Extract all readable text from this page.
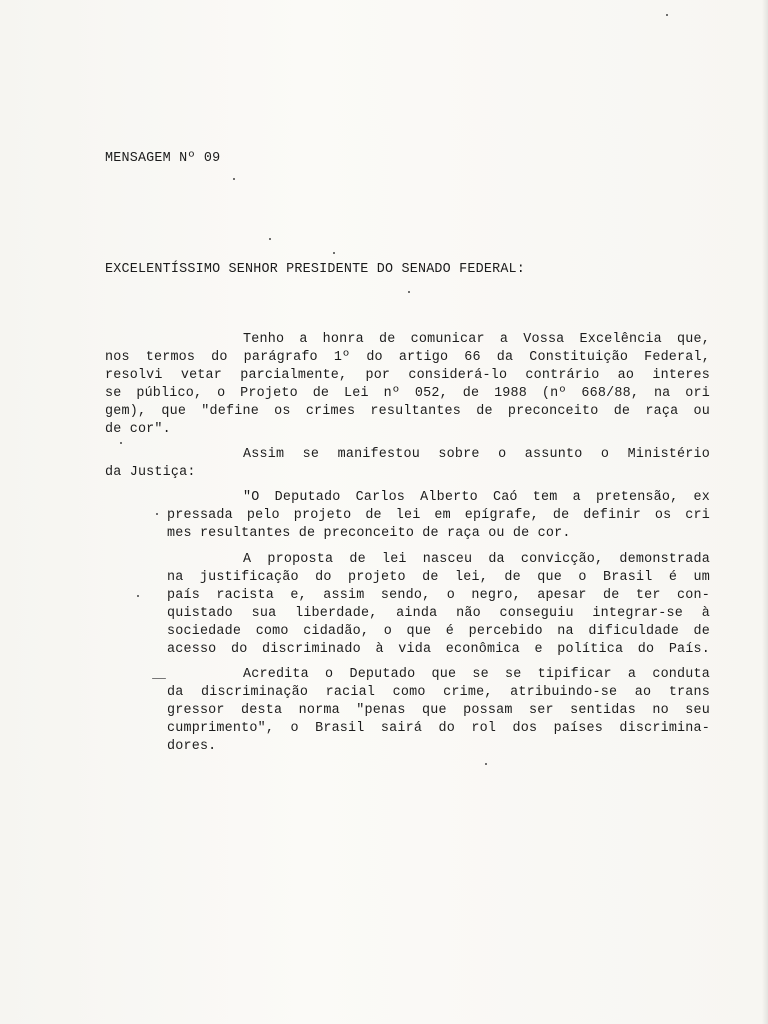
MENSAGEM Nº 09
EXCELENTÍSSIMO SENHOR PRESIDENTE DO SENADO FEDERAL:
Tenho a honra de comunicar a Vossa Excelência que,
nos termos do parágrafo 1º do artigo 66 da Constituição Federal,
resolvi vetar parcialmente, por considerá-lo contrário ao interes
se público, o Projeto de Lei nº 052, de 1988 (nº 668/88, na ori
gem), que "define os crimes resultantes de preconceito de raça ou
de cor".
Assim se manifestou sobre o assunto o Ministério
da Justiça:
"O Deputado Carlos Alberto Caó tem a pretensão, ex
pressada pelo projeto de lei em epígrafe, de definir os cri
mes resultantes de preconceito de raça ou de cor.
A proposta de lei nasceu da convicção, demonstrada
na justificação do projeto de lei, de que o Brasil é um
país racista e, assim sendo, o negro, apesar de ter con-
quistado sua liberdade, ainda não conseguiu integrar-se à
sociedade como cidadão, o que é percebido na dificuldade de
acesso do discriminado à vida econômica e política do País.
Acredita o Deputado que se se tipificar a conduta
da discriminação racial como crime, atribuindo-se ao trans
gressor desta norma "penas que possam ser sentidas no seu
cumprimento", o Brasil sairá do rol dos países discrimina-
dores.
